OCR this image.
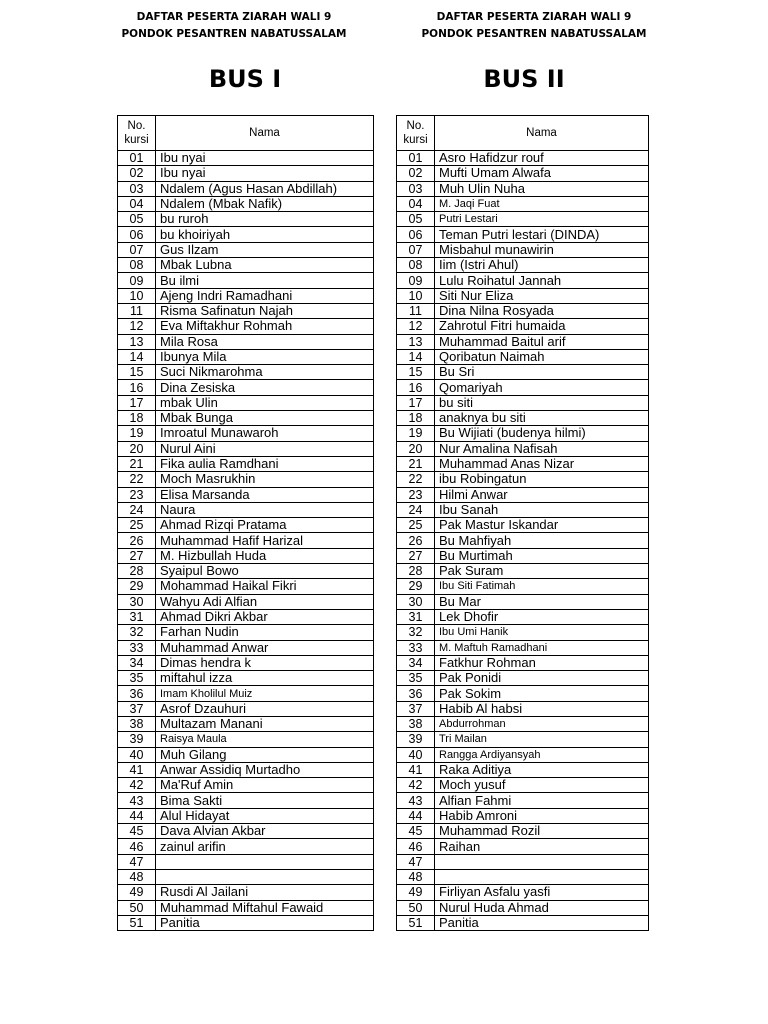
DAFTAR PESERTA ZIARAH WALI 9
PONDOK PESANTREN NABATUSSALAM
BUS I
No.
kursi	Nama
01	Ibu nyai
02	Ibu nyai
03	Ndalem (Agus Hasan Abdillah)
04	Ndalem (Mbak Nafik)
05	bu ruroh
06	bu khoiriyah
07	Gus Ilzam
08	Mbak Lubna
09	Bu ilmi
10	Ajeng Indri Ramadhani
11	Risma Safinatun Najah
12	Eva Miftakhur Rohmah
13	Mila Rosa
14	Ibunya Mila
15	Suci Nikmarohma
16	Dina Zesiska
17	mbak Ulin
18	Mbak Bunga
19	Imroatul Munawaroh
20	Nurul Aini
21	Fika aulia Ramdhani
22	Moch Masrukhin
23	Elisa Marsanda
24	Naura
25	Ahmad Rizqi Pratama
26	Muhammad Hafif Harizal
27	M. Hizbullah Huda
28	Syaipul Bowo
29	Mohammad Haikal Fikri
30	Wahyu Adi Alfian
31	Ahmad Dikri Akbar
32	Farhan Nudin
33	Muhammad Anwar
34	Dimas hendra k
35	miftahul izza
36	Imam Kholilul Muiz
37	Asrof Dzauhuri
38	Multazam Manani
39	Raisya Maula
40	Muh Gilang
41	Anwar Assidiq Murtadho
42	Ma'Ruf Amin
43	Bima Sakti
44	Alul Hidayat
45	Dava Alvian Akbar
46	zainul arifin
47	
48	
49	Rusdi Al Jailani
50	Muhammad Miftahul Fawaid
51	Panitia
DAFTAR PESERTA ZIARAH WALI 9
PONDOK PESANTREN NABATUSSALAM
BUS II
No.
kursi	Nama
01	Asro Hafidzur rouf
02	Mufti Umam Alwafa
03	Muh Ulin Nuha
04	M. Jaqi Fuat
05	Putri Lestari
06	Teman Putri lestari (DINDA)
07	Misbahul munawirin
08	Iim (Istri Ahul)
09	Lulu Roihatul Jannah
10	Siti Nur Eliza
11	Dina Nilna Rosyada
12	Zahrotul Fitri humaida
13	Muhammad Baitul arif
14	Qoribatun Naimah
15	Bu Sri
16	Qomariyah
17	bu siti
18	anaknya bu siti
19	Bu Wijiati (budenya hilmi)
20	Nur Amalina Nafisah
21	Muhammad Anas Nizar
22	ibu Robingatun
23	Hilmi Anwar
24	Ibu Sanah
25	Pak Mastur Iskandar
26	Bu Mahfiyah
27	Bu Murtimah
28	Pak Suram
29	Ibu Siti Fatimah
30	Bu Mar
31	Lek Dhofir
32	Ibu Umi Hanik
33	M. Maftuh Ramadhani
34	Fatkhur Rohman
35	Pak Ponidi
36	Pak Sokim
37	Habib Al habsi
38	Abdurrohman
39	Tri Mailan
40	Rangga Ardiyansyah
41	Raka Aditiya
42	Moch yusuf
43	Alfian Fahmi
44	Habib Amroni
45	Muhammad Rozil
46	Raihan
47	
48	
49	Firliyan Asfalu yasfi
50	Nurul Huda Ahmad
51	Panitia
